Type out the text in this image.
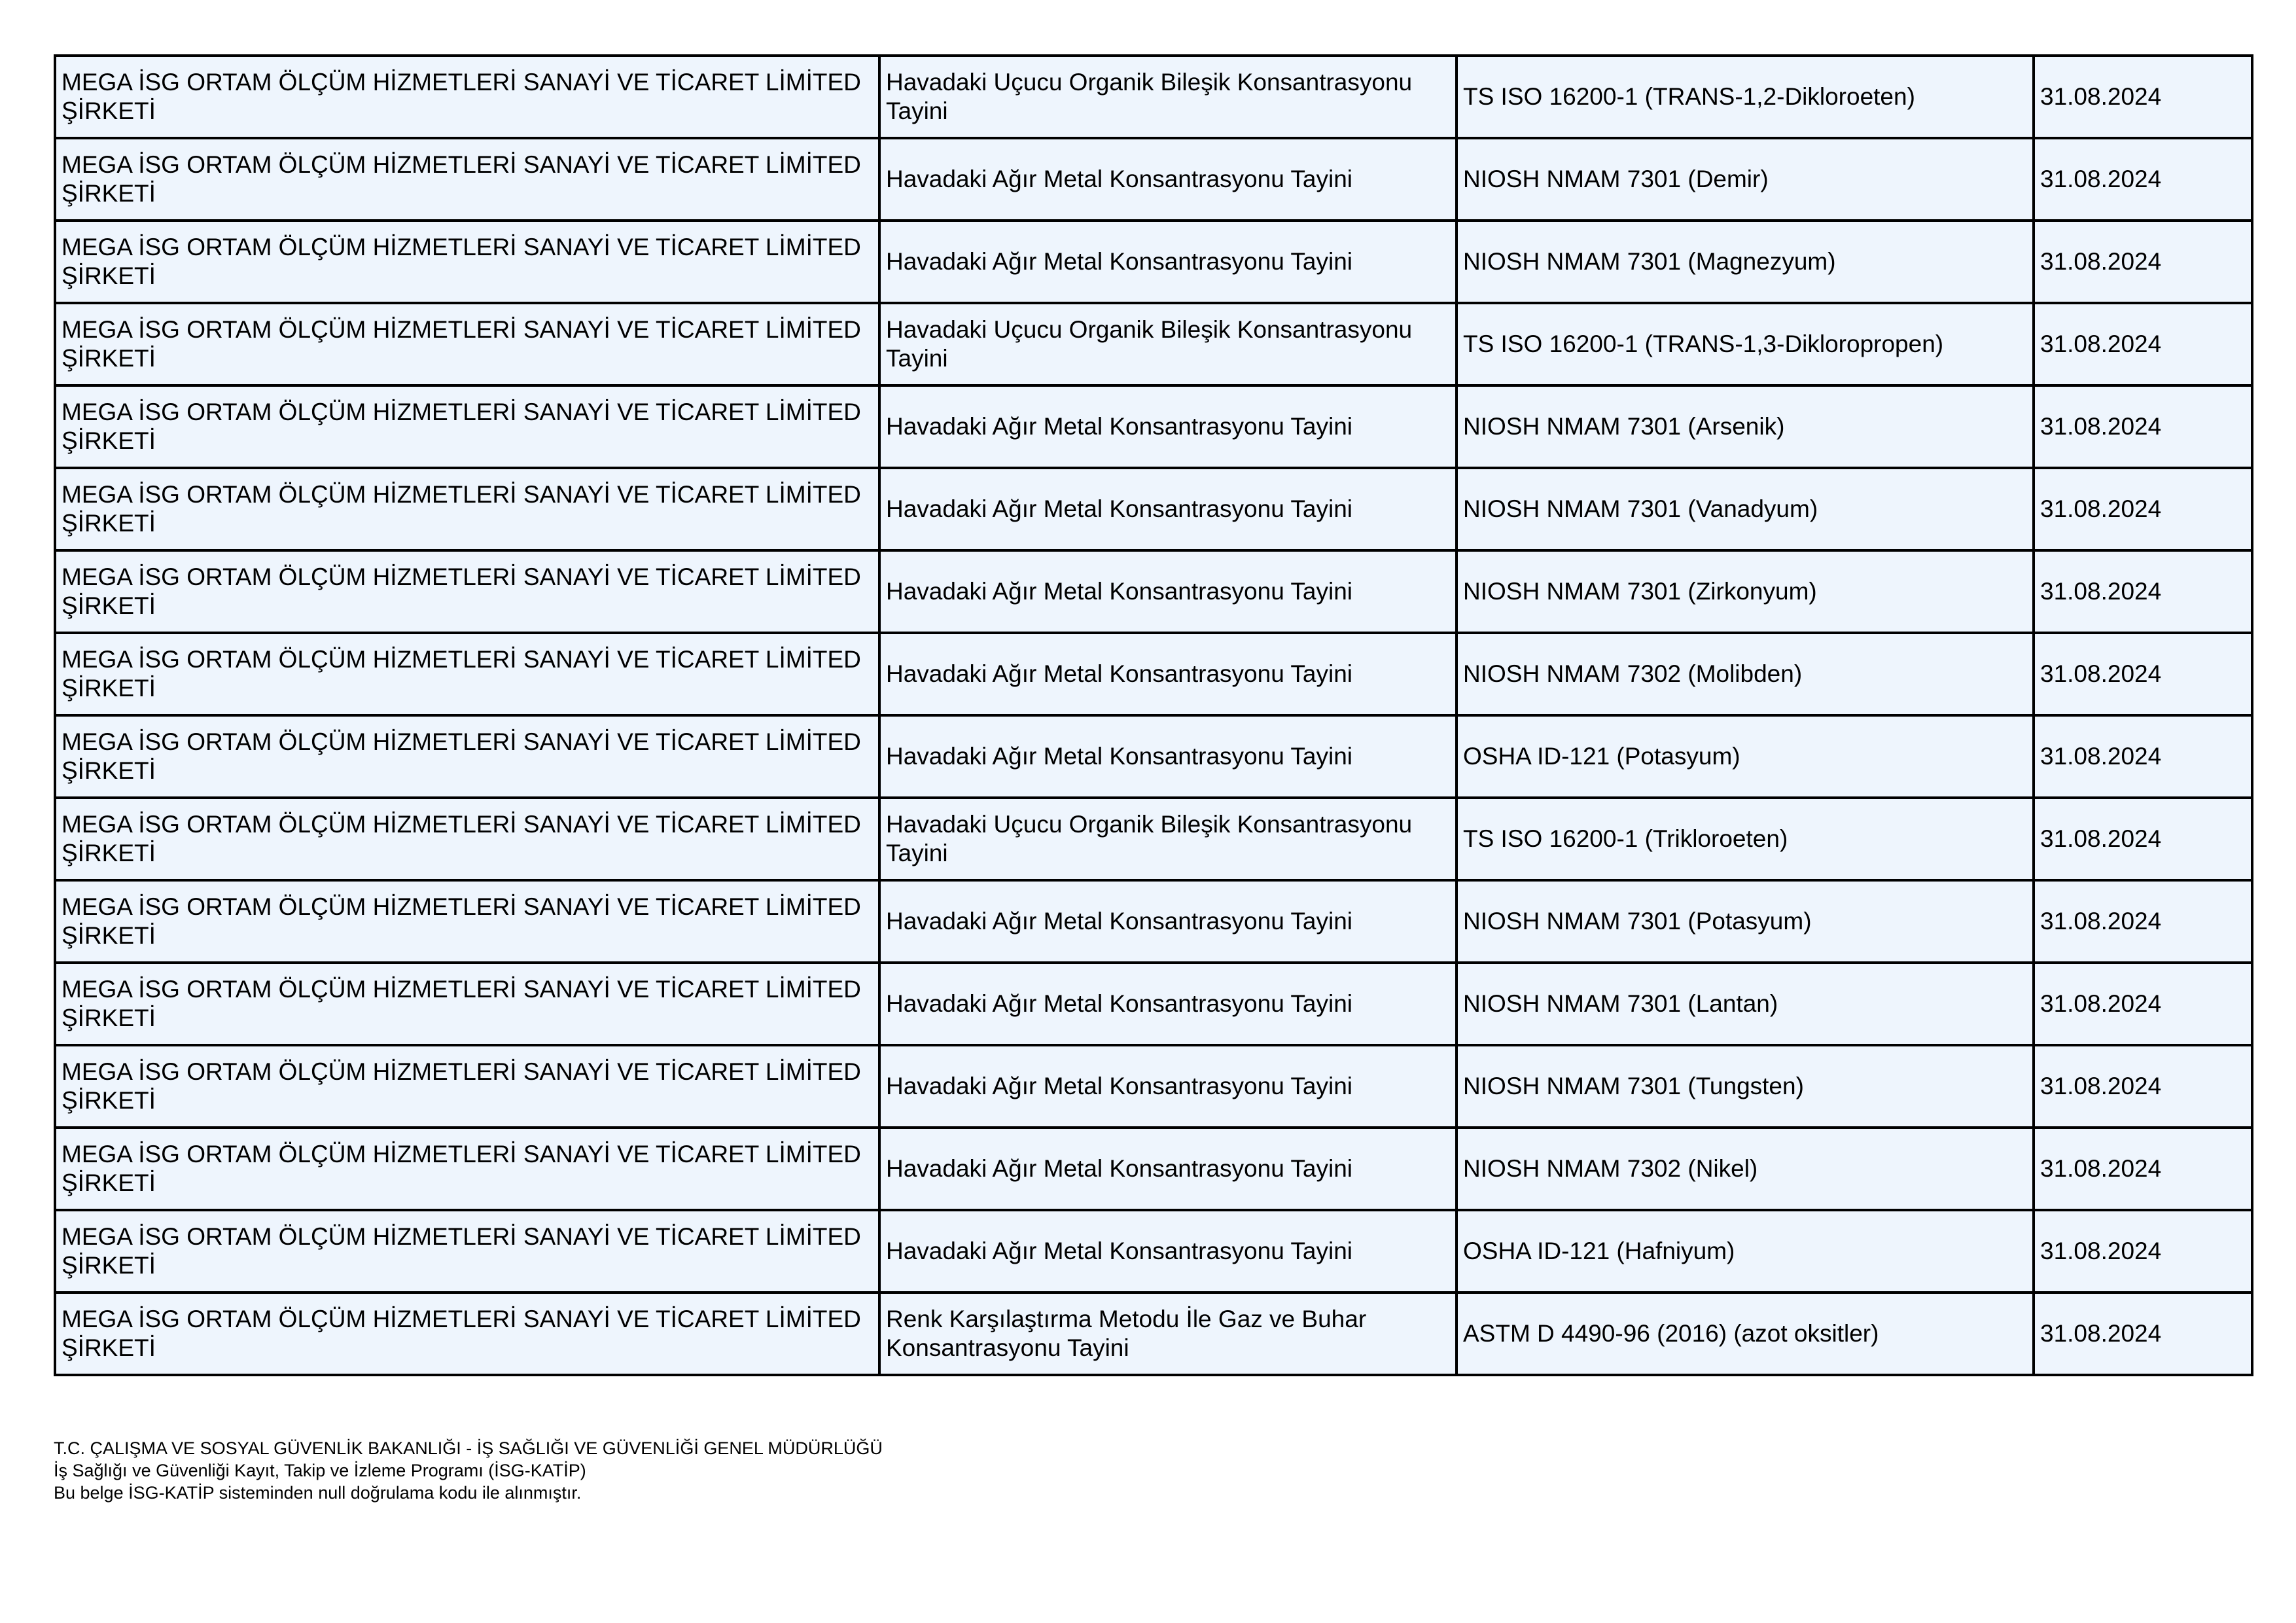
MEGA İSG ORTAM ÖLÇÜM HİZMETLERİ SANAYİ VE TİCARET LİMİTED ŞİRKETİ	Havadaki Uçucu Organik Bileşik Konsantrasyonu Tayini	TS ISO 16200-1 (TRANS-1,2-Dikloroeten)	31.08.2024
MEGA İSG ORTAM ÖLÇÜM HİZMETLERİ SANAYİ VE TİCARET LİMİTED ŞİRKETİ	Havadaki Ağır Metal Konsantrasyonu Tayini	NIOSH NMAM 7301 (Demir)	31.08.2024
MEGA İSG ORTAM ÖLÇÜM HİZMETLERİ SANAYİ VE TİCARET LİMİTED ŞİRKETİ	Havadaki Ağır Metal Konsantrasyonu Tayini	NIOSH NMAM 7301 (Magnezyum)	31.08.2024
MEGA İSG ORTAM ÖLÇÜM HİZMETLERİ SANAYİ VE TİCARET LİMİTED ŞİRKETİ	Havadaki Uçucu Organik Bileşik Konsantrasyonu Tayini	TS ISO 16200-1 (TRANS-1,3-Dikloropropen)	31.08.2024
MEGA İSG ORTAM ÖLÇÜM HİZMETLERİ SANAYİ VE TİCARET LİMİTED ŞİRKETİ	Havadaki Ağır Metal Konsantrasyonu Tayini	NIOSH NMAM 7301 (Arsenik)	31.08.2024
MEGA İSG ORTAM ÖLÇÜM HİZMETLERİ SANAYİ VE TİCARET LİMİTED ŞİRKETİ	Havadaki Ağır Metal Konsantrasyonu Tayini	NIOSH NMAM 7301 (Vanadyum)	31.08.2024
MEGA İSG ORTAM ÖLÇÜM HİZMETLERİ SANAYİ VE TİCARET LİMİTED ŞİRKETİ	Havadaki Ağır Metal Konsantrasyonu Tayini	NIOSH NMAM 7301 (Zirkonyum)	31.08.2024
MEGA İSG ORTAM ÖLÇÜM HİZMETLERİ SANAYİ VE TİCARET LİMİTED ŞİRKETİ	Havadaki Ağır Metal Konsantrasyonu Tayini	NIOSH NMAM 7302 (Molibden)	31.08.2024
MEGA İSG ORTAM ÖLÇÜM HİZMETLERİ SANAYİ VE TİCARET LİMİTED ŞİRKETİ	Havadaki Ağır Metal Konsantrasyonu Tayini	OSHA ID-121 (Potasyum)	31.08.2024
MEGA İSG ORTAM ÖLÇÜM HİZMETLERİ SANAYİ VE TİCARET LİMİTED ŞİRKETİ	Havadaki Uçucu Organik Bileşik Konsantrasyonu Tayini	TS ISO 16200-1 (Trikloroeten)	31.08.2024
MEGA İSG ORTAM ÖLÇÜM HİZMETLERİ SANAYİ VE TİCARET LİMİTED ŞİRKETİ	Havadaki Ağır Metal Konsantrasyonu Tayini	NIOSH NMAM 7301 (Potasyum)	31.08.2024
MEGA İSG ORTAM ÖLÇÜM HİZMETLERİ SANAYİ VE TİCARET LİMİTED ŞİRKETİ	Havadaki Ağır Metal Konsantrasyonu Tayini	NIOSH NMAM 7301 (Lantan)	31.08.2024
MEGA İSG ORTAM ÖLÇÜM HİZMETLERİ SANAYİ VE TİCARET LİMİTED ŞİRKETİ	Havadaki Ağır Metal Konsantrasyonu Tayini	NIOSH NMAM 7301 (Tungsten)	31.08.2024
MEGA İSG ORTAM ÖLÇÜM HİZMETLERİ SANAYİ VE TİCARET LİMİTED ŞİRKETİ	Havadaki Ağır Metal Konsantrasyonu Tayini	NIOSH NMAM 7302 (Nikel)	31.08.2024
MEGA İSG ORTAM ÖLÇÜM HİZMETLERİ SANAYİ VE TİCARET LİMİTED ŞİRKETİ	Havadaki Ağır Metal Konsantrasyonu Tayini	OSHA ID-121 (Hafniyum)	31.08.2024
MEGA İSG ORTAM ÖLÇÜM HİZMETLERİ SANAYİ VE TİCARET LİMİTED ŞİRKETİ	Renk Karşılaştırma Metodu İle Gaz ve Buhar Konsantrasyonu Tayini	ASTM D 4490-96 (2016) (azot oksitler)	31.08.2024
T.C. ÇALIŞMA VE SOSYAL GÜVENLİK BAKANLIĞI - İŞ SAĞLIĞI VE GÜVENLİĞİ GENEL MÜDÜRLÜĞÜ
İş Sağlığı ve Güvenliği Kayıt, Takip ve İzleme Programı (İSG-KATİP)
Bu belge İSG-KATİP sisteminden null doğrulama kodu ile alınmıştır.
